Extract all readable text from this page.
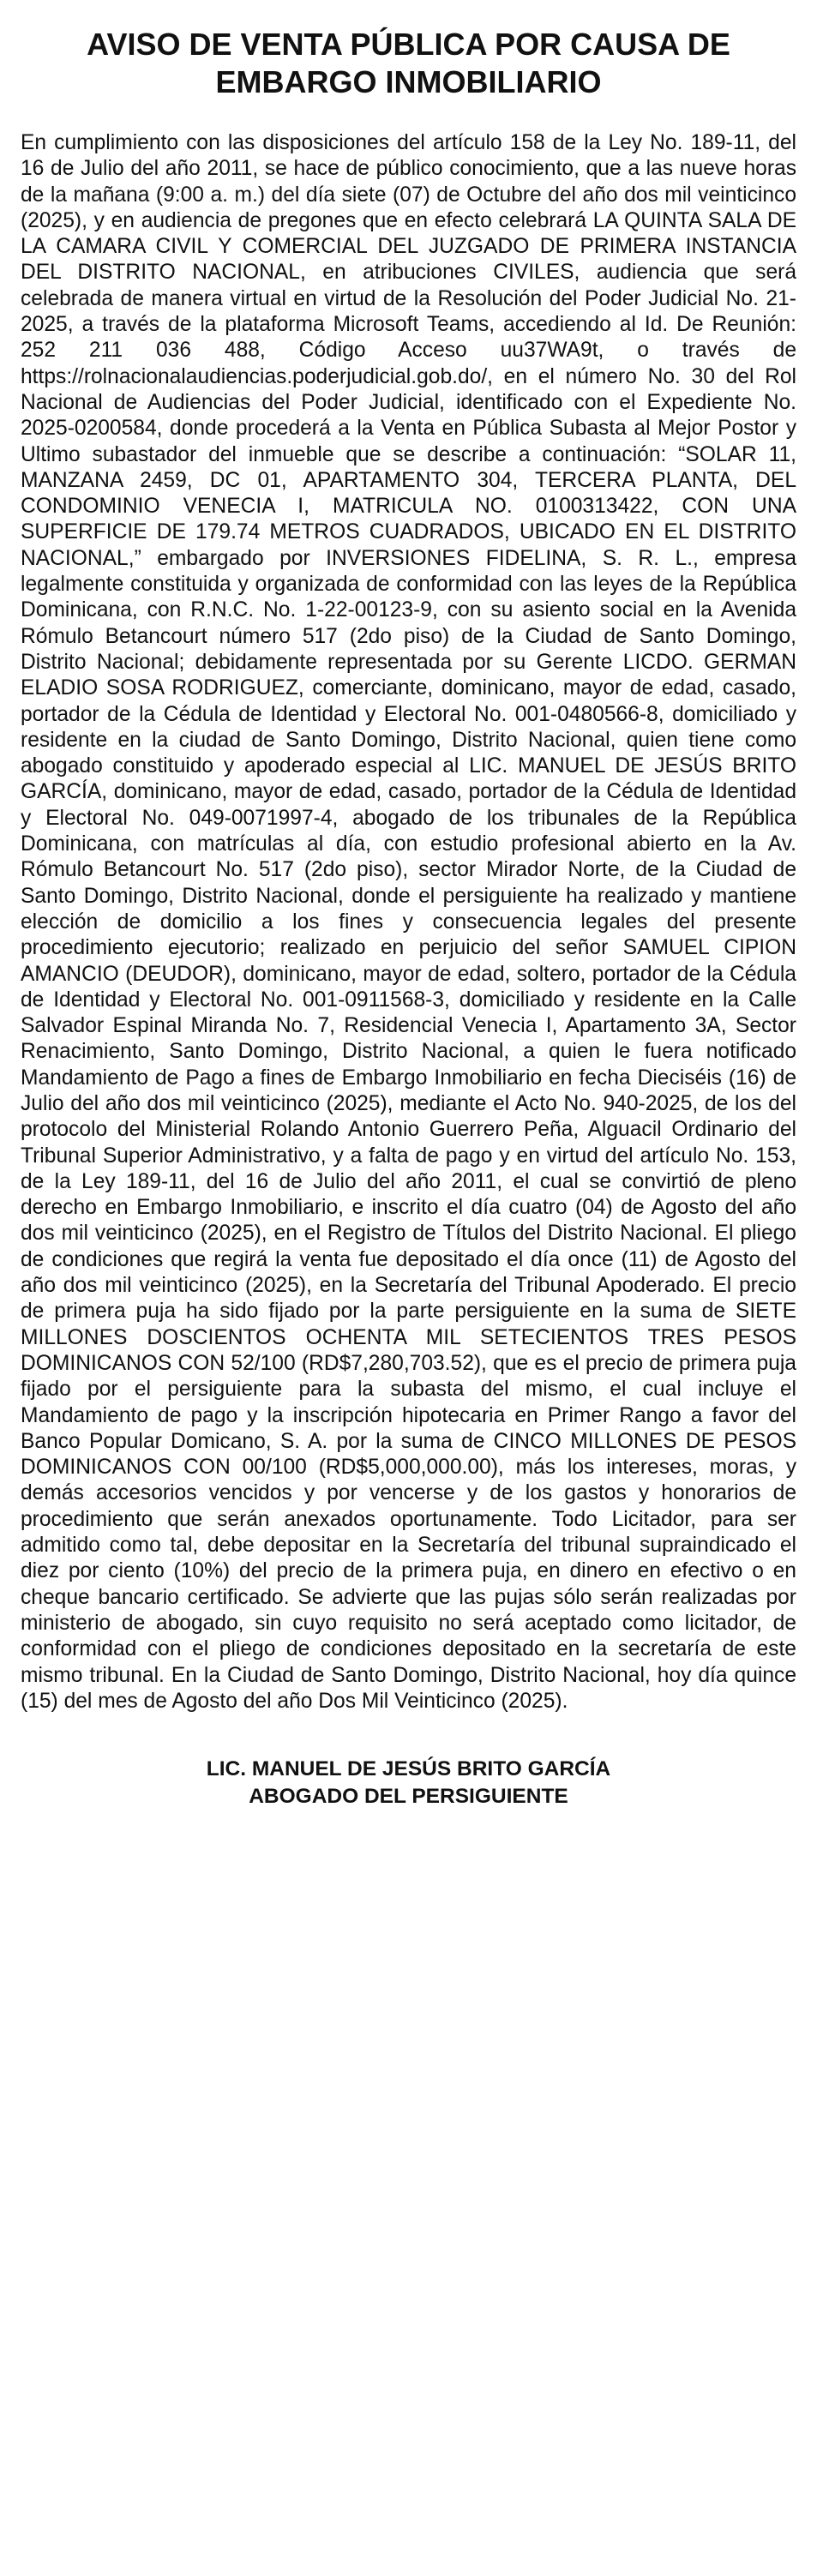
AVISO DE VENTA PÚBLICA POR CAUSA DE EMBARGO INMOBILIARIO

En cumplimiento con las disposiciones del artículo 158 de la Ley No. 189-11, del 16 de Julio del año 2011, se hace de público conocimiento, que a las nueve horas de la mañana (9:00 a. m.) del día siete (07) de Octubre del año dos mil veinticinco (2025), y en audiencia de pregones que en efecto celebrará LA QUINTA SALA DE LA CAMARA CIVIL Y COMERCIAL DEL JUZGADO DE PRIMERA INSTANCIA DEL DISTRITO NACIONAL, en atribuciones CIVILES, audiencia que será celebrada de manera virtual en virtud de la Resolución del Poder Judicial No. 21-2025, a través de la plataforma Microsoft Teams, accediendo al Id. De Reunión: 252 211 036 488, Código Acceso uu37WA9t, o través de https://rolnacionalaudiencias.poderjudicial.gob.do/, en el número No. 30 del Rol Nacional de Audiencias del Poder Judicial, identificado con el Expediente No. 2025-0200584, donde procederá a la Venta en Pública Subasta al Mejor Postor y Ultimo subastador del inmueble que se describe a continuación: “SOLAR 11, MANZANA 2459, DC 01, APARTAMENTO 304, TERCERA PLANTA, DEL CONDOMINIO VENECIA I, MATRICULA NO. 0100313422, CON UNA SUPERFICIE DE 179.74 METROS CUADRADOS, UBICADO EN EL DISTRITO NACIONAL,” embargado por INVERSIONES FIDELINA, S. R. L., empresa legalmente constituida y organizada de conformidad con las leyes de la República Dominicana, con R.N.C. No. 1-22-00123-9, con su asiento social en la Avenida Rómulo Betancourt número 517 (2do piso) de la Ciudad de Santo Domingo, Distrito Nacional; debidamente representada por su Gerente LICDO. GERMAN ELADIO SOSA RODRIGUEZ, comerciante, dominicano, mayor de edad, casado, portador de la Cédula de Identidad y Electoral No. 001-0480566-8, domiciliado y residente en la ciudad de Santo Domingo, Distrito Nacional, quien tiene como abogado constituido y apoderado especial al LIC. MANUEL DE JESÚS BRITO GARCÍA, dominicano, mayor de edad, casado, portador de la Cédula de Identidad y Electoral No. 049-0071997-4, abogado de los tribunales de la República Dominicana, con matrículas al día, con estudio profesional abierto en la Av. Rómulo Betancourt No. 517 (2do piso), sector Mirador Norte, de la Ciudad de Santo Domingo, Distrito Nacional, donde el persiguiente ha realizado y mantiene elección de domicilio a los fines y consecuencia legales del presente procedimiento ejecutorio; realizado en perjuicio del señor SAMUEL CIPION AMANCIO (DEUDOR), dominicano, mayor de edad, soltero, portador de la Cédula de Identidad y Electoral No. 001-0911568-3, domiciliado y residente en la Calle Salvador Espinal Miranda No. 7, Residencial Venecia I, Apartamento 3A, Sector Renacimiento, Santo Domingo, Distrito Nacional, a quien le fuera notificado Mandamiento de Pago a fines de Embargo Inmobiliario en fecha Dieciséis (16) de Julio del año dos mil veinticinco (2025), mediante el Acto No. 940-2025, de los del protocolo del Ministerial Rolando Antonio Guerrero Peña, Alguacil Ordinario del Tribunal Superior Administrativo, y a falta de pago y en virtud del artículo No. 153, de la Ley 189-11, del 16 de Julio del año 2011, el cual se convirtió de pleno derecho en Embargo Inmobiliario, e inscrito el día cuatro (04) de Agosto del año dos mil veinticinco (2025), en el Registro de Títulos del Distrito Nacional. El pliego de condiciones que regirá la venta fue depositado el día once (11) de Agosto del año dos mil veinticinco (2025), en la Secretaría del Tribunal Apoderado. El precio de primera puja ha sido fijado por la parte persiguiente en la suma de SIETE MILLONES DOSCIENTOS OCHENTA MIL SETECIENTOS TRES PESOS DOMINICANOS CON 52/100 (RD$7,280,703.52), que es el precio de primera puja fijado por el persiguiente para la subasta del mismo, el cual incluye el Mandamiento de pago y la inscripción hipotecaria en Primer Rango a favor del Banco Popular Domicano, S. A. por la suma de CINCO MILLONES DE PESOS DOMINICANOS CON 00/100 (RD$5,000,000.00), más los intereses, moras, y demás accesorios vencidos y por vencerse y de los gastos y honorarios de procedimiento que serán anexados oportunamente. Todo Licitador, para ser admitido como tal, debe depositar en la Secretaría del tribunal supraindicado el diez por ciento (10%) del precio de la primera puja, en dinero en efectivo o en cheque bancario certificado. Se advierte que las pujas sólo serán realizadas por ministerio de abogado, sin cuyo requisito no será aceptado como licitador, de conformidad con el pliego de condiciones depositado en la secretaría de este mismo tribunal. En la Ciudad de Santo Domingo, Distrito Nacional, hoy día quince (15) del mes de Agosto del año Dos Mil Veinticinco (2025).

LIC. MANUEL DE JESÚS BRITO GARCÍA
ABOGADO DEL PERSIGUIENTE
